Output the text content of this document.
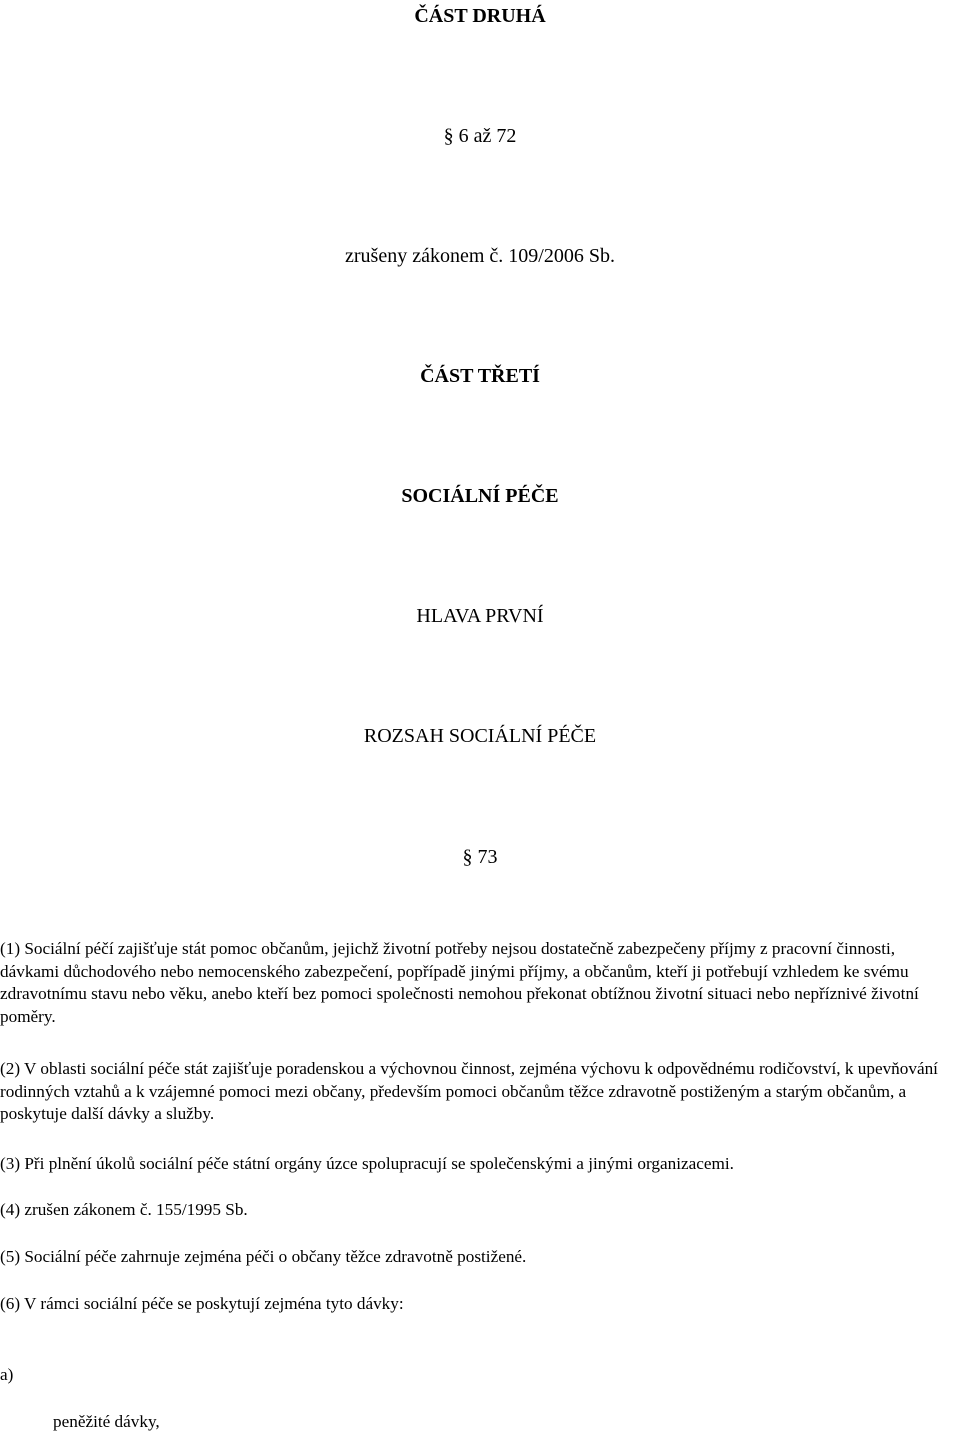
ČÁST DRUHÁ

§ 6 až 72

zrušeny zákonem č. 109/2006 Sb.

ČÁST TŘETÍ

SOCIÁLNÍ PÉČE

HLAVA PRVNÍ

ROZSAH SOCIÁLNÍ PÉČE

§ 73

(1) Sociální péčí zajišťuje stát pomoc občanům, jejichž životní potřeby nejsou dostatečně zabezpečeny příjmy z pracovní činnosti, dávkami důchodového nebo nemocenského zabezpečení, popřípadě jinými příjmy, a občanům, kteří ji potřebují vzhledem ke svému zdravotnímu stavu nebo věku, anebo kteří bez pomoci společnosti nemohou překonat obtížnou životní situaci nebo nepříznivé životní poměry.

(2) V oblasti sociální péče stát zajišťuje poradenskou a výchovnou činnost, zejména výchovu k odpovědnému rodičovství, k upevňování rodinných vztahů a k vzájemné pomoci mezi občany, především pomoci občanům těžce zdravotně postiženým a starým občanům, a poskytuje další dávky a služby.

(3) Při plnění úkolů sociální péče státní orgány úzce spolupracují se společenskými a jinými organizacemi.

(4) zrušen zákonem č. 155/1995 Sb.

(5) Sociální péče zahrnuje zejména péči o občany těžce zdravotně postižené.

(6) V rámci sociální péče se poskytují zejména tyto dávky:

a)

peněžité dávky,
